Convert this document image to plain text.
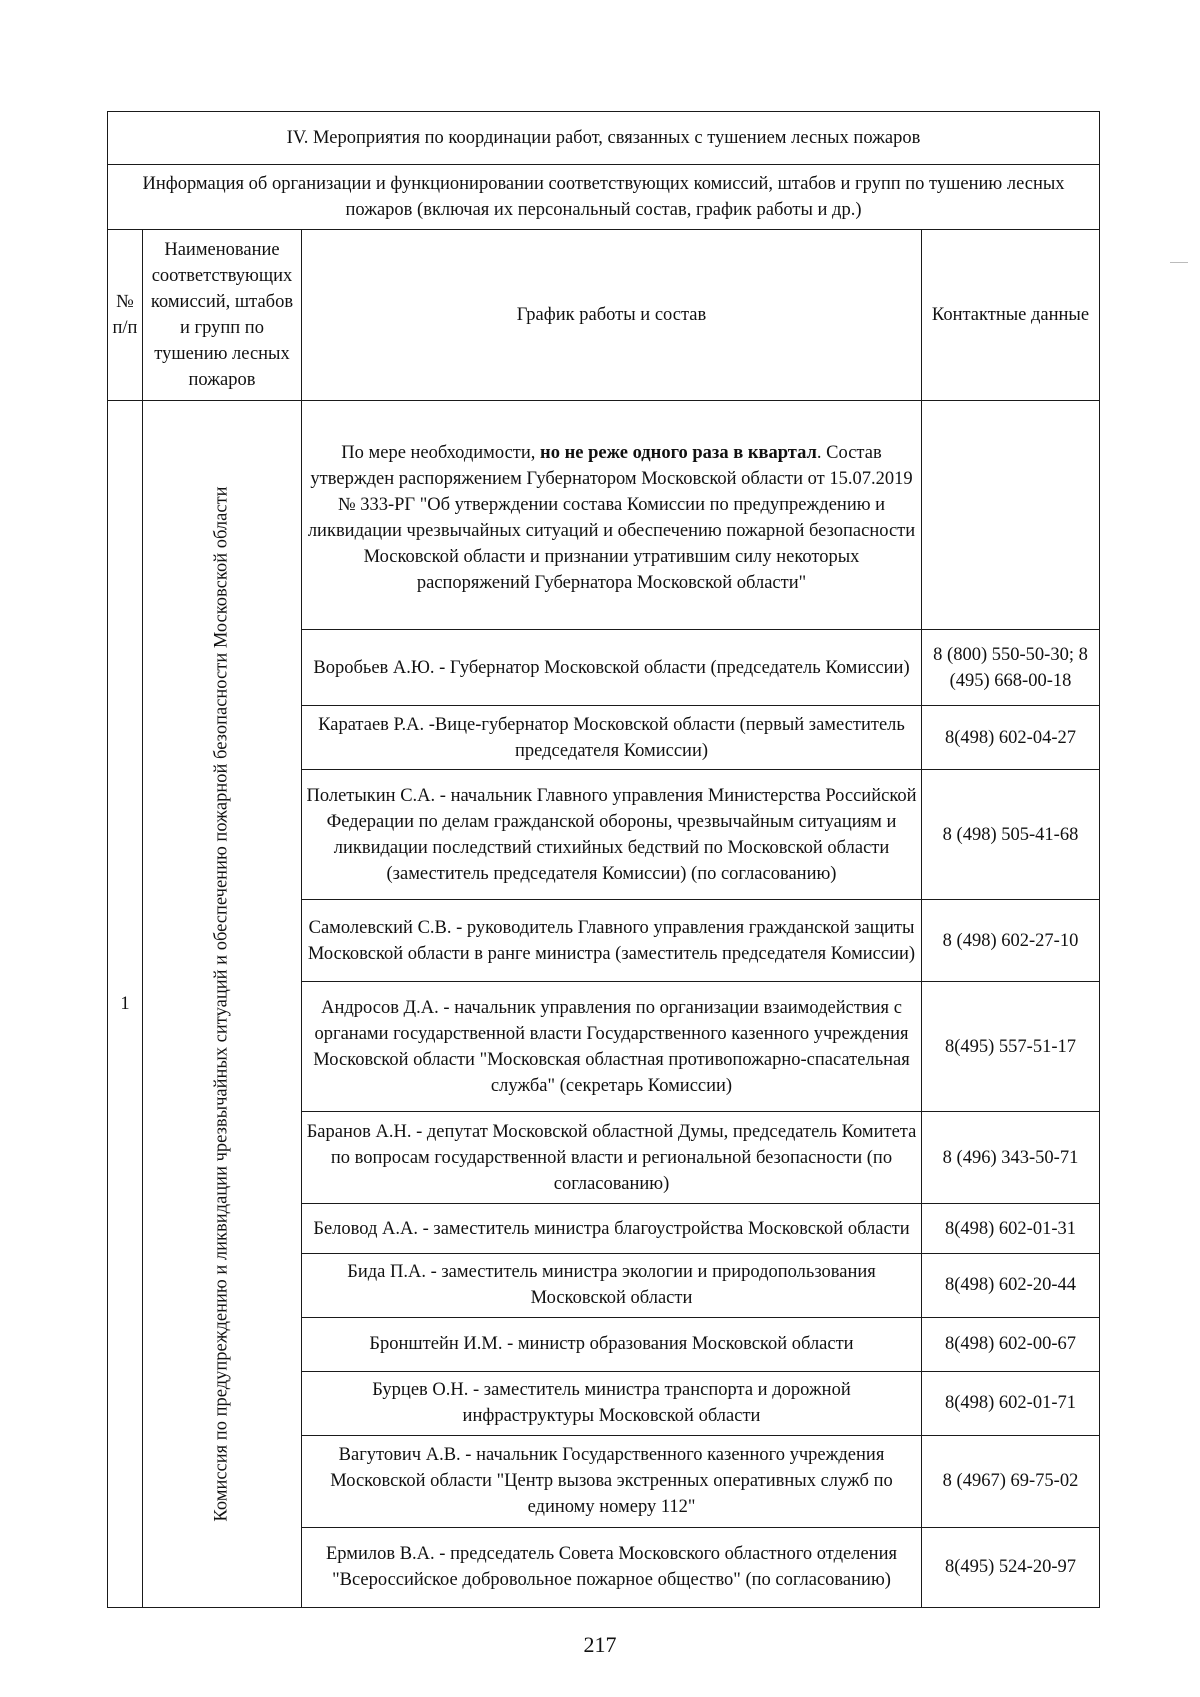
IV. Мероприятия по координации работ, связанных с тушением лесных пожаров			
Информация об организации и функционировании соответствующих комиссий, штабов и групп по тушению лесных пожаров (включая их персональный состав, график работы и др.)			
№ п/п	Наименование соответствующих комиссий, штабов и групп по тушению лесных пожаров	График работы и состав	Контактные данные
1	Комиссия по предупреждению и ликвидации чрезвычайных ситуаций и обеспечению пожарной безопасности Московской области	По мере необходимости, но не реже одного раза в квартал. Состав утвержден распоряжением Губернатором Московской области от 15.07.2019 № 333-РГ "Об утверждении состава Комиссии по предупреждению и ликвидации чрезвычайных ситуаций и обеспечению пожарной безопасности Московской области и признании утратившим силу некоторых распоряжений Губернатора Московской области"	
		Воробьев А.Ю. - Губернатор Московской области (председатель Комиссии)	8 (800) 550-50-30; 8 (495) 668-00-18
		Каратаев Р.А. -Вице-губернатор Московской области (первый заместитель председателя Комиссии)	8(498) 602-04-27
		Полетыкин С.А. - начальник Главного управления Министерства Российской Федерации по делам гражданской обороны, чрезвычайным ситуациям и ликвидации последствий стихийных бедствий по Московской области (заместитель председателя Комиссии) (по согласованию)	8 (498) 505-41-68
		Самолевский С.В. - руководитель Главного управления гражданской защиты Московской области в ранге министра (заместитель председателя Комиссии)	8 (498) 602-27-10
		Андросов Д.А. - начальник управления по организации взаимодействия с органами государственной власти Государственного казенного учреждения Московской области "Московская областная противопожарно-спасательная служба" (секретарь Комиссии)	8(495) 557-51-17
		Баранов А.Н. - депутат Московской областной Думы, председатель Комитета по вопросам государственной власти и региональной безопасности (по согласованию)	8 (496) 343-50-71
		Беловод А.А. - заместитель министра благоустройства Московской области	8(498) 602-01-31
		Бида П.А. - заместитель министра экологии и природопользования Московской области	8(498) 602-20-44
		Бронштейн И.М. - министр образования Московской области	8(498) 602-00-67
		Бурцев О.Н. - заместитель министра транспорта и дорожной инфраструктуры Московской области	8(498) 602-01-71
		Вагутович А.В. - начальник Государственного казенного учреждения Московской области "Центр вызова экстренных оперативных служб по единому номеру 112"	8 (4967) 69-75-02
		Ермилов В.А. - председатель Совета Московского областного отделения "Всероссийское добровольное пожарное общество" (по согласованию)	8(495) 524-20-97
217
